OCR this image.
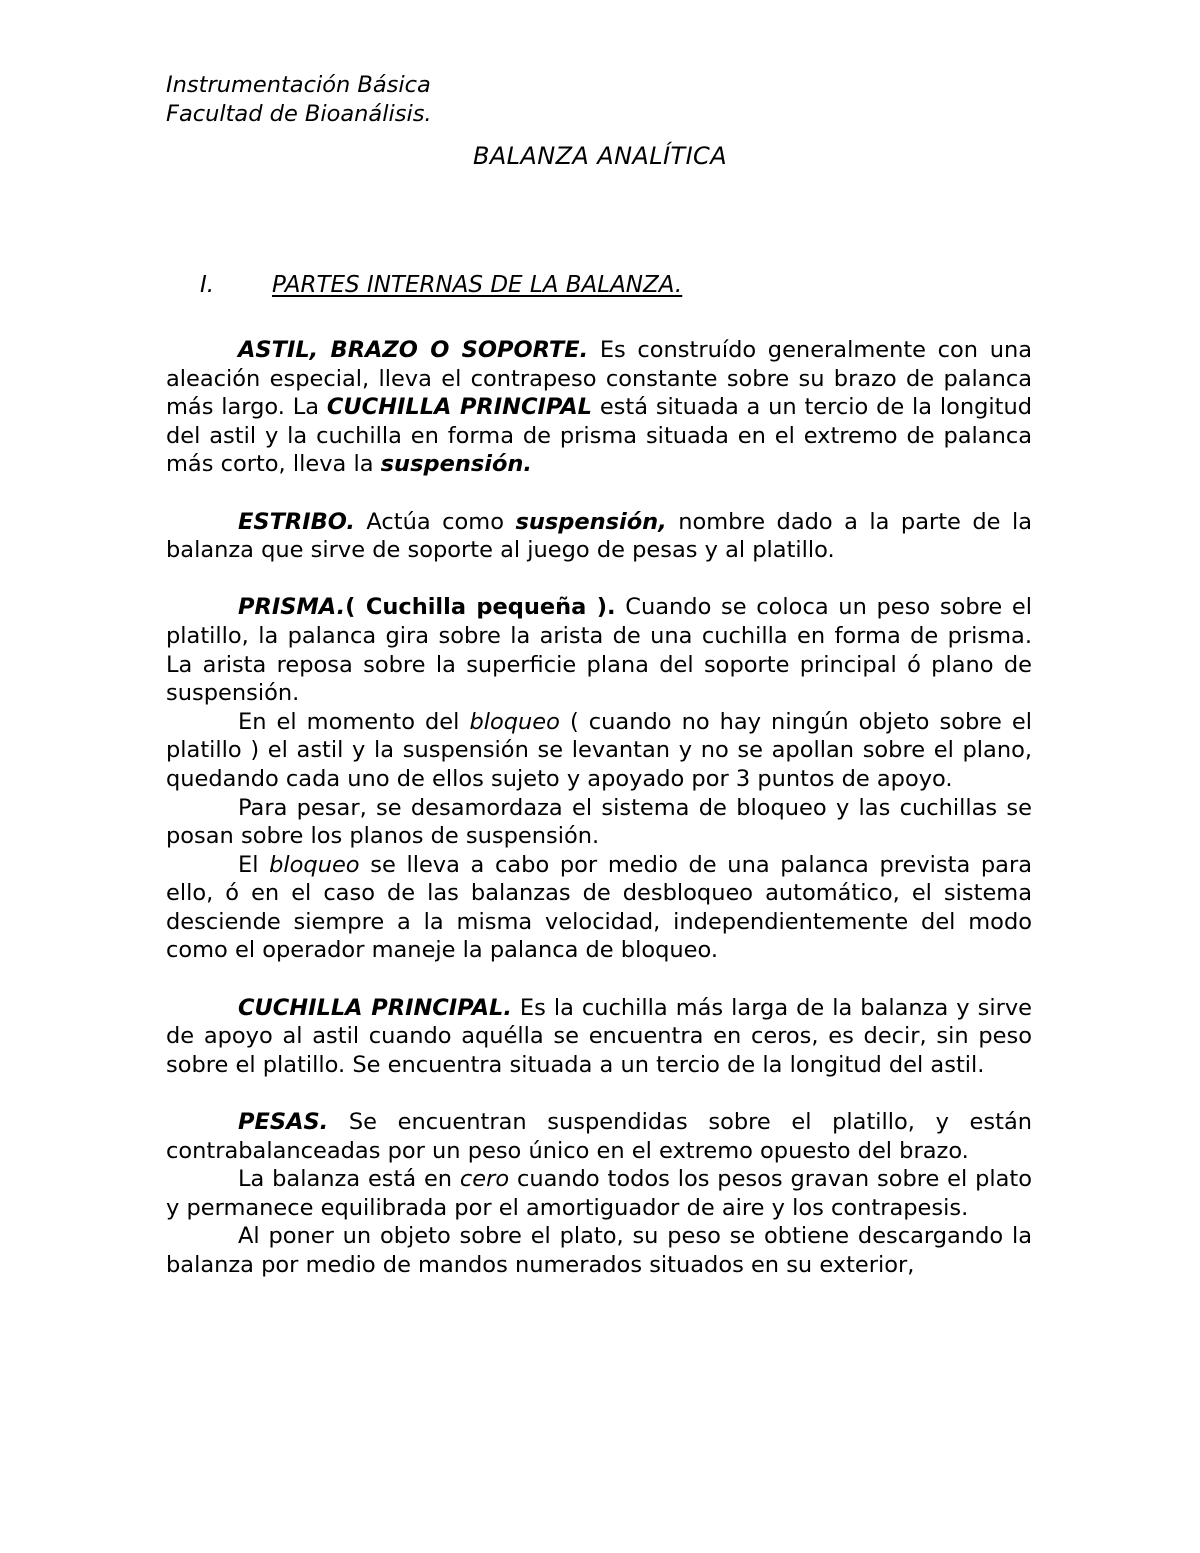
Instrumentación Básica
Facultad de Bioanálisis.
BALANZA ANALÍTICA
I.	PARTES INTERNAS DE LA BALANZA.

ASTIL, BRAZO O SOPORTE. Es construído generalmente con una aleación especial, lleva el contrapeso constante sobre su brazo de palanca más largo. La CUCHILLA PRINCIPAL está situada a un tercio de la longitud del astil y la cuchilla en forma de prisma situada en el extremo de palanca más corto, lleva la suspensión.

ESTRIBO. Actúa como suspensión, nombre dado a la parte de la balanza que sirve de soporte al juego de pesas y al platillo.

PRISMA.( Cuchilla pequeña ). Cuando se coloca un peso sobre el platillo, la palanca gira sobre la arista de una cuchilla en forma de prisma. La arista reposa sobre la superficie plana del soporte principal ó plano de suspensión.

En el momento del bloqueo ( cuando no hay ningún objeto sobre el platillo ) el astil y la suspensión se levantan y no se apollan sobre el plano, quedando cada uno de ellos sujeto y apoyado por 3 puntos de apoyo.

Para pesar, se desamordaza el sistema de bloqueo y las cuchillas se posan sobre los planos de suspensión.

El bloqueo se lleva a cabo por medio de una palanca prevista para ello, ó en el caso de las balanzas de desbloqueo automático, el sistema desciende siempre a la misma velocidad, independientemente del modo como el operador maneje la palanca de bloqueo.

CUCHILLA PRINCIPAL. Es la cuchilla más larga de la balanza y sirve de apoyo al astil cuando aquélla se encuentra en ceros, es decir, sin peso sobre el platillo. Se encuentra situada a un tercio de la longitud del astil.

PESAS. Se encuentran suspendidas sobre el platillo, y están contrabalanceadas por un peso único en el extremo opuesto del brazo.

La balanza está en cero cuando todos los pesos gravan sobre el plato y permanece equilibrada por el amortiguador de aire y los contrapesis.

Al poner un objeto sobre el plato, su peso se obtiene descargando la balanza por medio de mandos numerados situados en su exterior,
